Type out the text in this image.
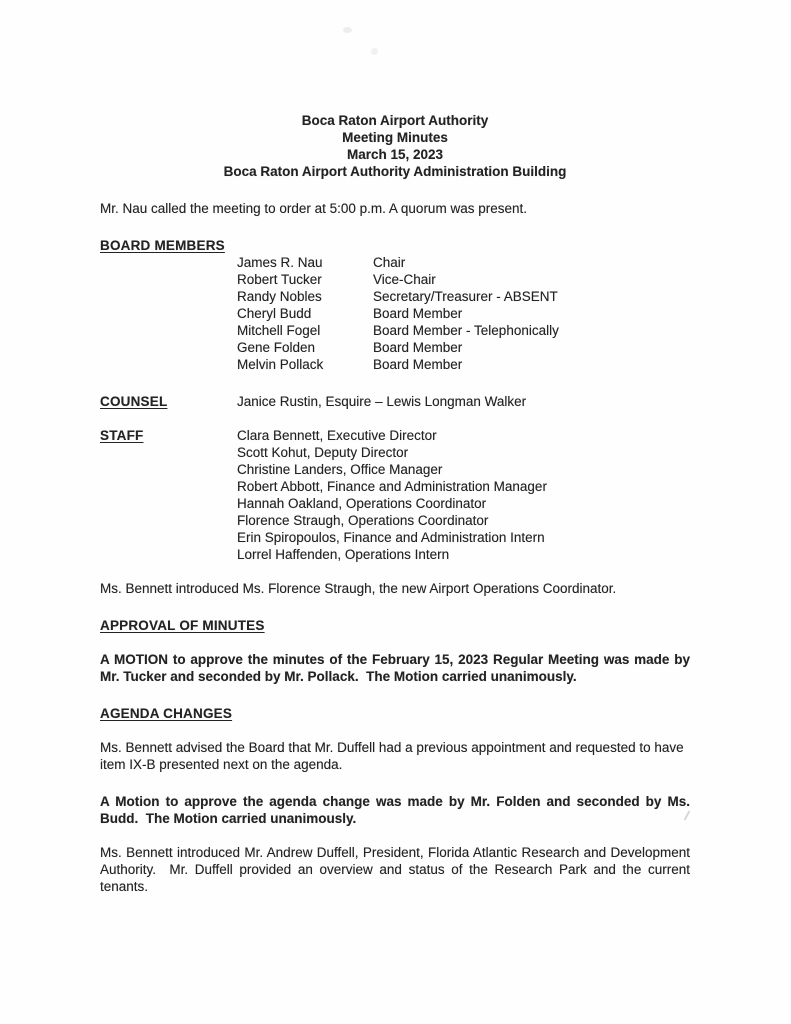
Boca Raton Airport Authority
Meeting Minutes
March 15, 2023
Boca Raton Airport Authority Administration Building

Mr. Nau called the meeting to order at 5:00 p.m. A quorum was present.

BOARD MEMBERS
James R. Nau	Chair
Robert Tucker	Vice-Chair
Randy Nobles	Secretary/Treasurer - ABSENT
Cheryl Budd	Board Member
Mitchell Fogel	Board Member - Telephonically
Gene Folden	Board Member
Melvin Pollack	Board Member
COUNSEL	Janice Rustin, Esquire – Lewis Longman Walker
STAFF	Clara Bennett, Executive Director
Scott Kohut, Deputy Director
Christine Landers, Office Manager
Robert Abbott, Finance and Administration Manager
Hannah Oakland, Operations Coordinator
Florence Straugh, Operations Coordinator
Erin Spiropoulos, Finance and Administration Intern
Lorrel Haffenden, Operations Intern

Ms. Bennett introduced Ms. Florence Straugh, the new Airport Operations Coordinator.

APPROVAL OF MINUTES

A MOTION to approve the minutes of the February 15, 2023 Regular Meeting was made by Mr. Tucker and seconded by Mr. Pollack.  The Motion carried unanimously.

AGENDA CHANGES

Ms. Bennett advised the Board that Mr. Duffell had a previous appointment and requested to have item IX-B presented next on the agenda.

A Motion to approve the agenda change was made by Mr. Folden and seconded by Ms. Budd.  The Motion carried unanimously.

Ms. Bennett introduced Mr. Andrew Duffell, President, Florida Atlantic Research and Development Authority.  Mr. Duffell provided an overview and status of the Research Park and the current tenants.
